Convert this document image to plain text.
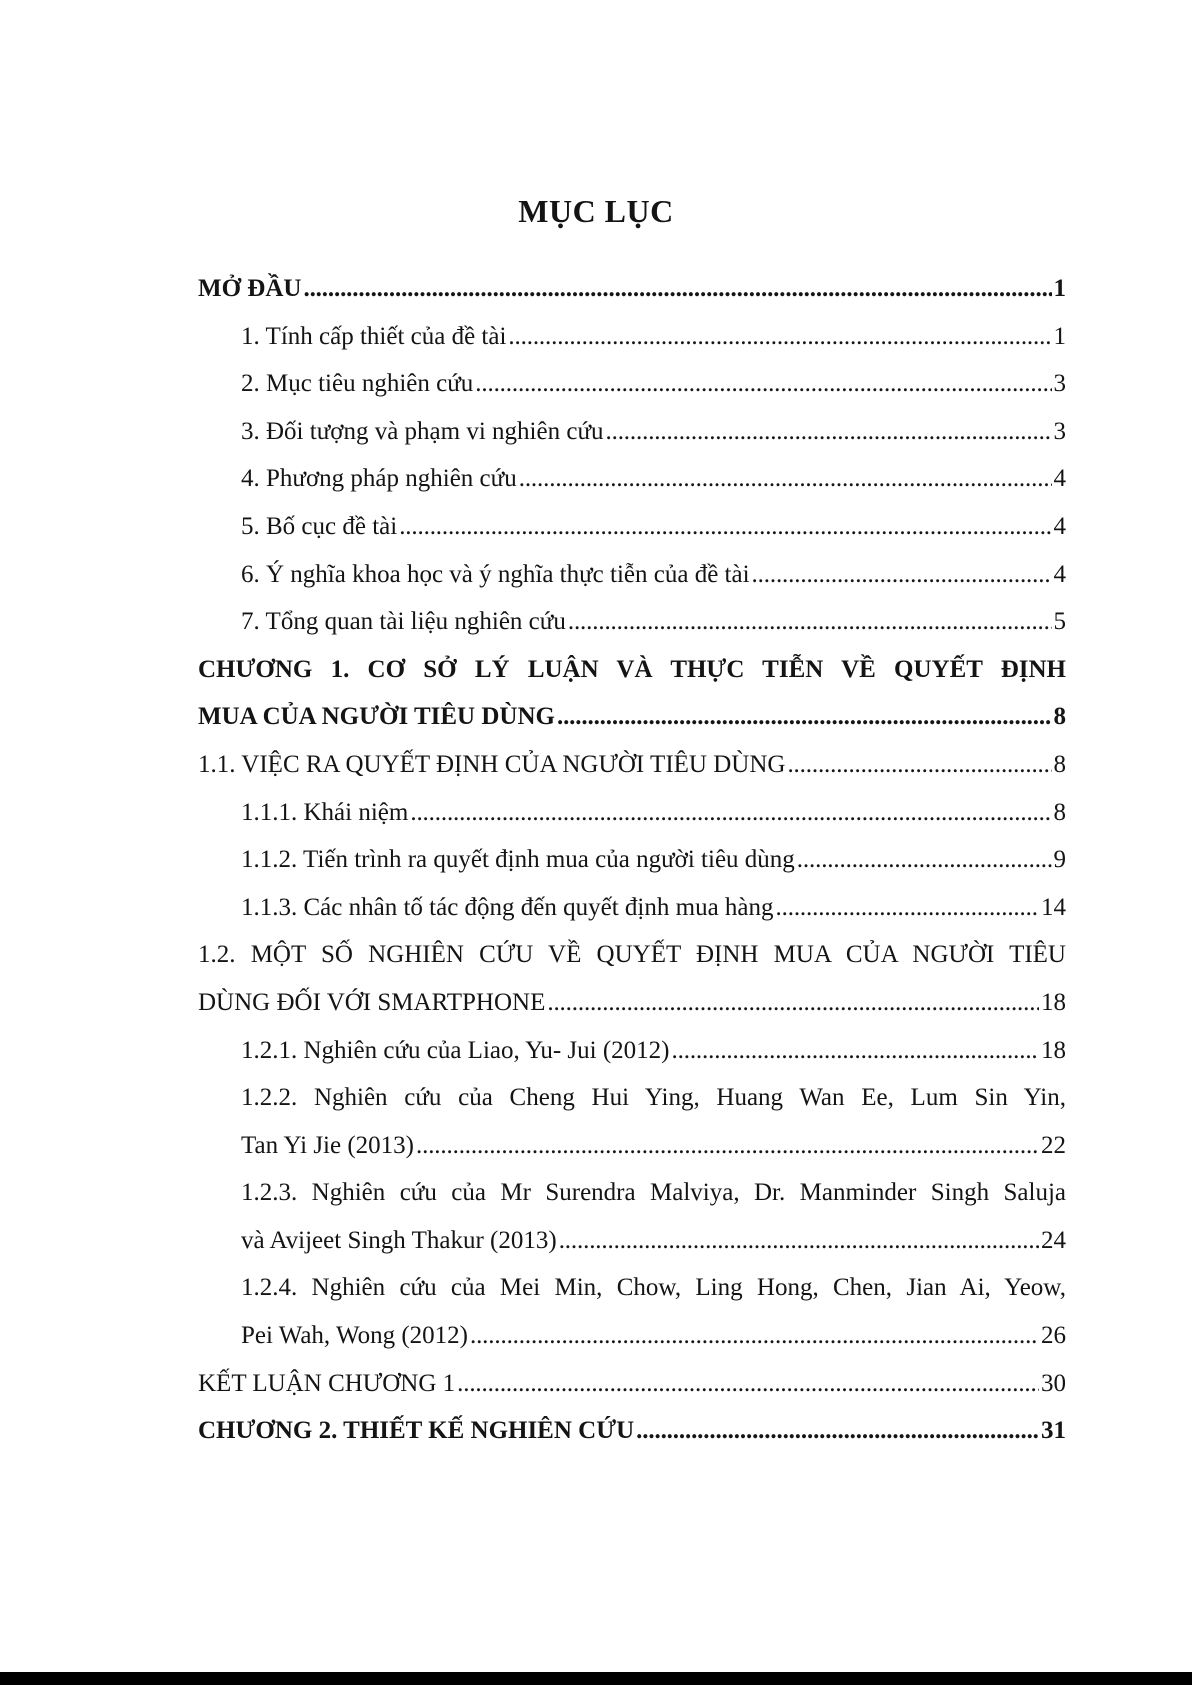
MỤC LỤC
MỞ ĐẦU . . .	1
1. Tính cấp thiết của đề tài . . .	1
2. Mục tiêu nghiên cứu . . .	3
3. Đối tượng và phạm vi nghiên cứu . . .	3
4. Phương pháp nghiên cứu . . .	4
5. Bố cục đề tài . . .	4
6. Ý nghĩa khoa học và ý nghĩa thực tiễn của đề tài . . .	4
7. Tổng quan tài liệu nghiên cứu . . .	5
CHƯƠNG 1. CƠ SỞ LÝ LUẬN VÀ THỰC TIỄN VỀ QUYẾT ĐỊNH
MUA CỦA NGƯỜI TIÊU DÙNG . . .	8
1.1. VIỆC RA QUYẾT ĐỊNH CỦA NGƯỜI TIÊU DÙNG . . .	8
1.1.1. Khái niệm . . .	8
1.1.2. Tiến trình ra quyết định mua của người tiêu dùng . . .	9
1.1.3. Các nhân tố tác động đến quyết định mua hàng . . .	14
1.2. MỘT SỐ NGHIÊN CỨU VỀ QUYẾT ĐỊNH MUA CỦA NGƯỜI TIÊU
DÙNG ĐỐI VỚI SMARTPHONE . . .	18
1.2.1. Nghiên cứu của Liao, Yu- Jui (2012) . . .	18
1.2.2. Nghiên cứu của Cheng Hui Ying, Huang Wan Ee, Lum Sin Yin,
Tan Yi Jie (2013) . . .	22
1.2.3. Nghiên cứu của Mr Surendra Malviya, Dr. Manminder Singh Saluja
và Avijeet Singh Thakur (2013) . . .	24
1.2.4. Nghiên cứu của Mei Min, Chow, Ling Hong, Chen, Jian Ai, Yeow,
Pei Wah, Wong (2012) . . .	26
KẾT LUẬN CHƯƠNG 1 . . .	30
CHƯƠNG 2. THIẾT KẾ NGHIÊN CỨU . . .	31
